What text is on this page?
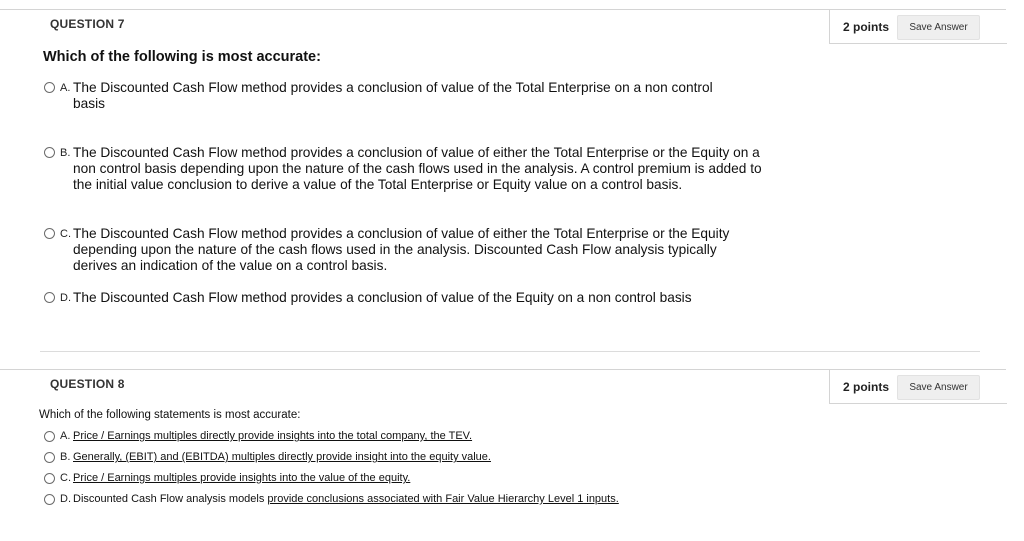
QUESTION 7	2 points	Save Answer
Which of the following is most accurate:
A. The Discounted Cash Flow method provides a conclusion of value of the Total Enterprise on a non control basis
B. The Discounted Cash Flow method provides a conclusion of value of either the Total Enterprise or the Equity on a non control basis depending upon the nature of the cash flows used in the analysis. A control premium is added to the initial value conclusion to derive a value of the Total Enterprise or Equity value on a control basis.
C. The Discounted Cash Flow method provides a conclusion of value of either the Total Enterprise or the Equity depending upon the nature of the cash flows used in the analysis. Discounted Cash Flow analysis typically derives an indication of the value on a control basis.
D. The Discounted Cash Flow method provides a conclusion of value of the Equity on a non control basis
QUESTION 8	2 points	Save Answer
Which of the following statements is most accurate:
A. Price / Earnings multiples directly provide insights into the total company, the TEV.
B. Generally, (EBIT) and (EBITDA) multiples directly provide insight into the equity value.
C. Price / Earnings multiples provide insights into the value of the equity.
D. Discounted Cash Flow analysis models provide conclusions associated with Fair Value Hierarchy Level 1 inputs.
